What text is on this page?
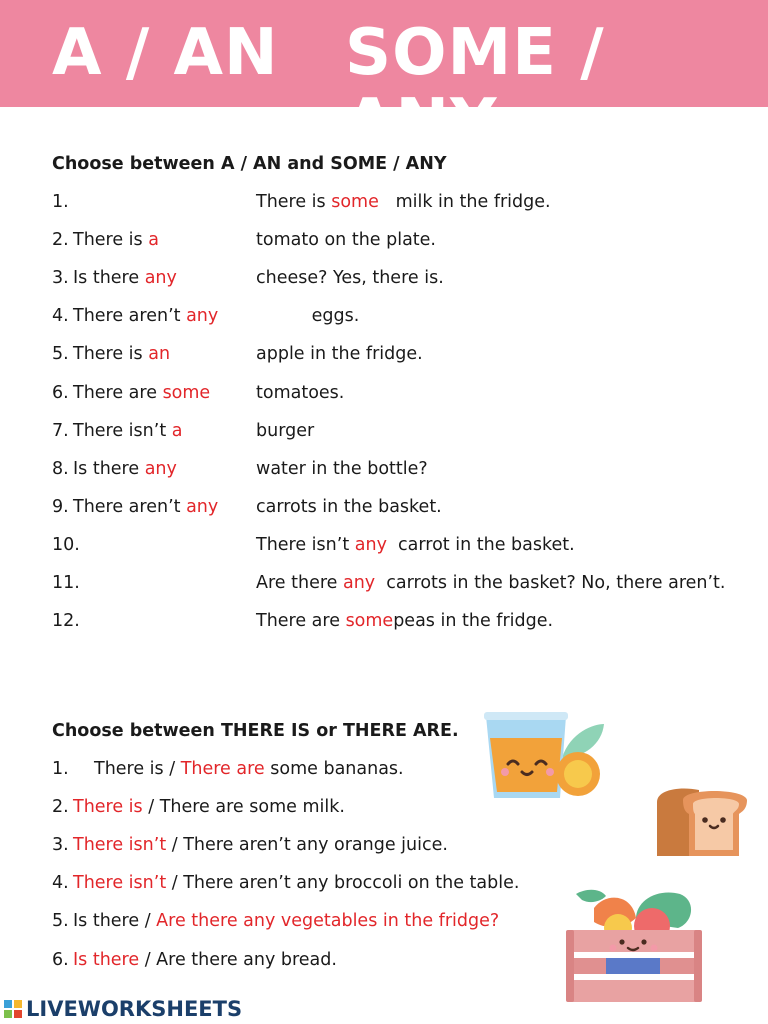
A / AN SOME / ANY
Choose between A / AN and SOME / ANY
1.	There is some   milk in the fridge.
2. There is a	tomato on the plate.
3. Is there any	cheese? Yes, there is.
4. There aren’t any eggs.
5. There is an	apple in the fridge.
6. There are some	tomatoes.
7. There isn’t a	burger
8. Is there any	water in the bottle?
9. There aren’t any carrots in the basket.
10.	There isn’t any  carrot in the basket.
11.	Are there any  carrots in the basket? No, there aren’t.
12.	There are somepeas in the fridge.
Choose between THERE IS or THERE ARE.
1. There is / There are some bananas.
2. There is / There are some milk.
3. There isn’t / There aren’t any orange juice.
4. There isn’t / There aren’t any broccoli on the table.
5. Is there / Are there any vegetables in the fridge?
6. Is there / Are there any bread.
LIVEWORKSHEETS
